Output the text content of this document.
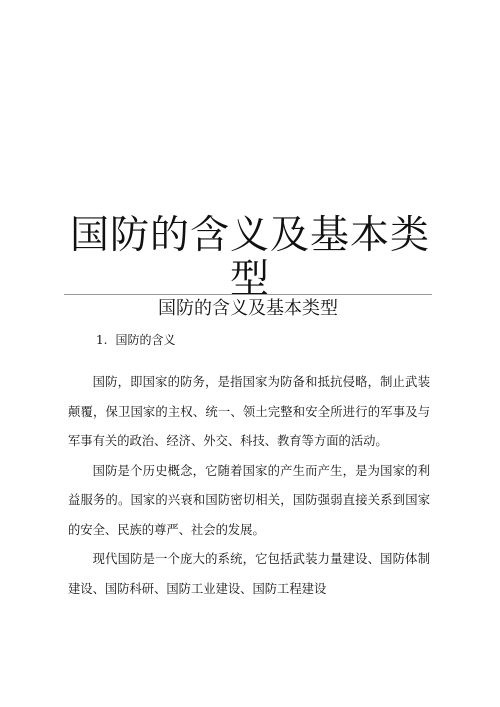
国防的含义及基本类型
国防的含义及基本类型
1. 国防的含义

国防，即国家的防务，是指国家为防备和抵抗侵略，制止武装颠覆，保卫国家的主权、统一、领土完整和安全所进行的军事及与军事有关的政治、经济、外交、科技、教育等方面的活动。

国防是个历史概念，它随着国家的产生而产生，是为国家的利益服务的。国家的兴衰和国防密切相关，国防强弱直接关系到国家的安全、民族的尊严、社会的发展。

现代国防是一个庞大的系统，它包括武装力量建设、国防体制建设、国防科研、国防工业建设、国防工程建设
